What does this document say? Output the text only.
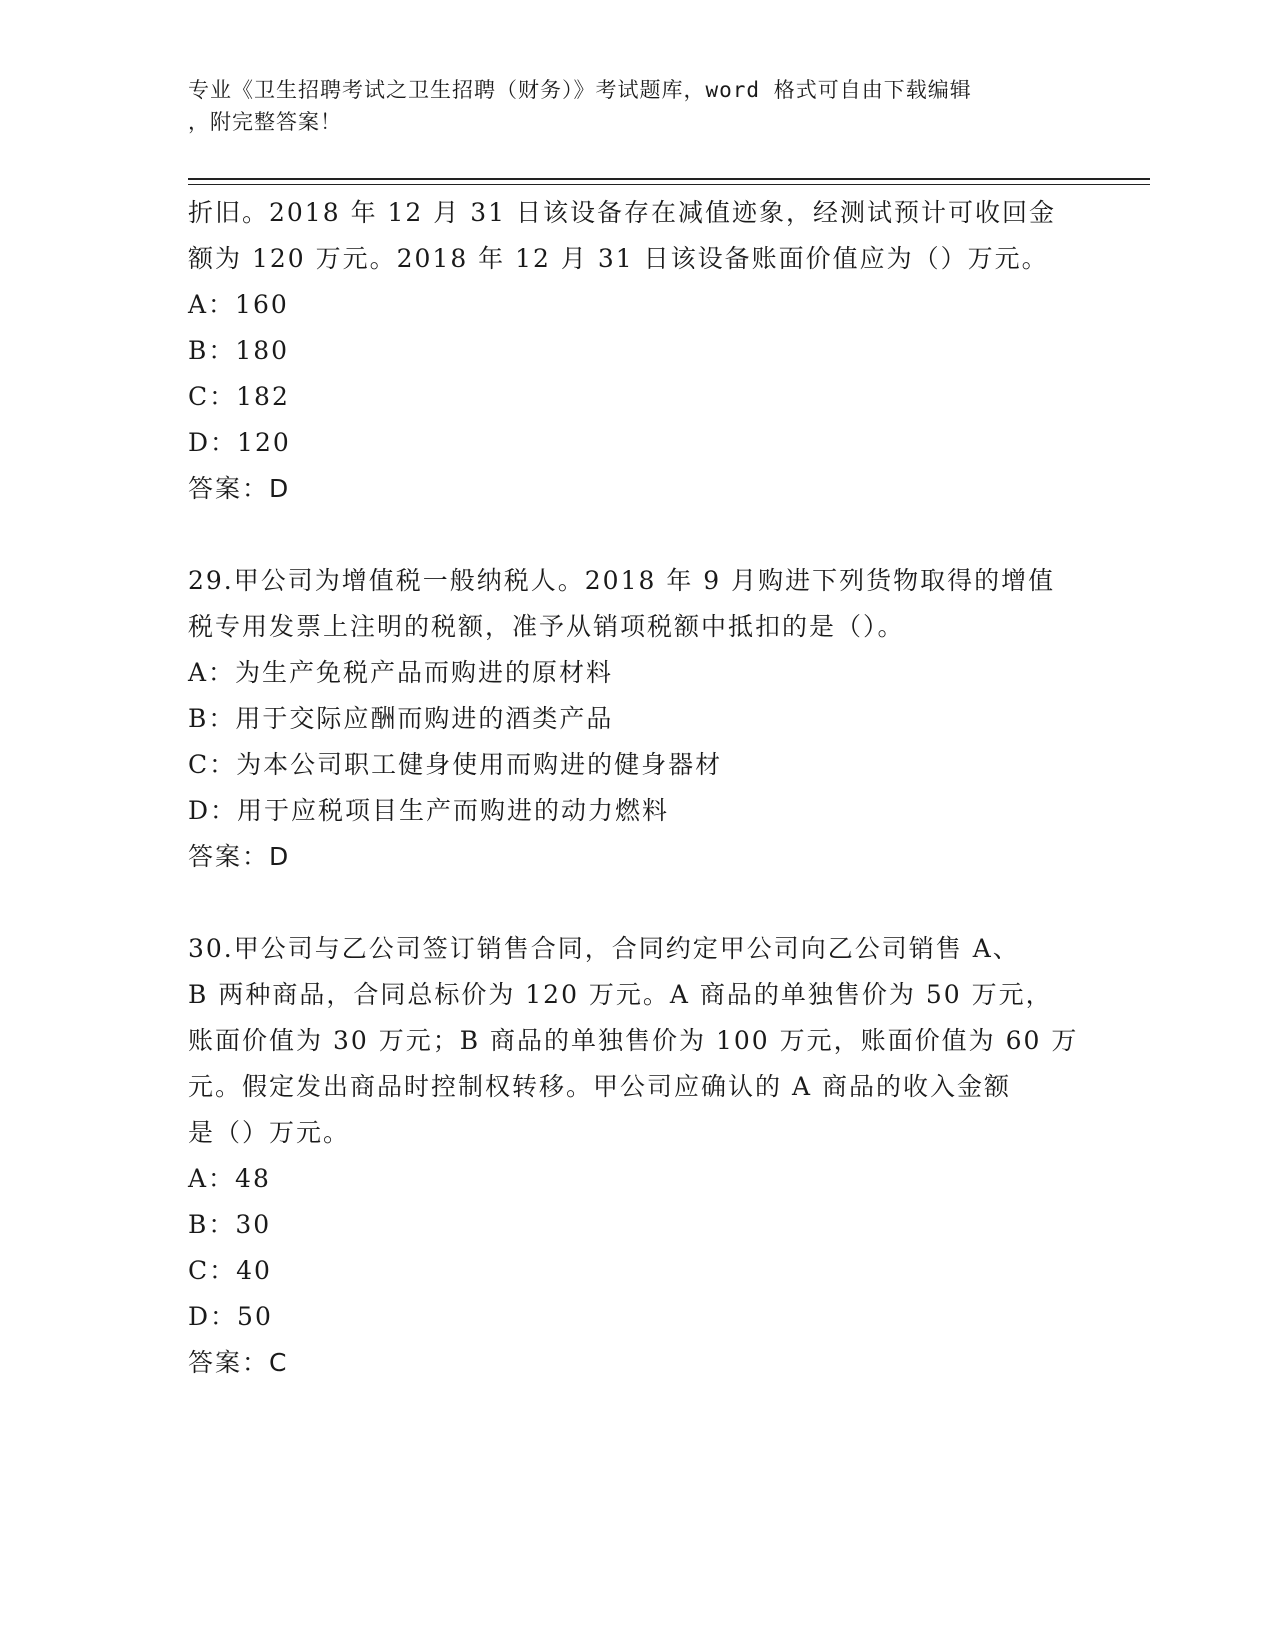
专业《卫生招聘考试之卫生招聘（财务）》考试题库，word 格式可自由下载编辑
，附完整答案！
折旧。2018 年 12 月 31 日该设备存在减值迹象，经测试预计可收回金
额为 120 万元。2018 年 12 月 31 日该设备账面价值应为（）万元。
A：160
B：180
C：182
D：120
答案：D
29.甲公司为增值税一般纳税人。2018 年 9 月购进下列货物取得的增值
税专用发票上注明的税额，准予从销项税额中抵扣的是（）。
A：为生产免税产品而购进的原材料
B：用于交际应酬而购进的酒类产品
C：为本公司职工健身使用而购进的健身器材
D：用于应税项目生产而购进的动力燃料
答案：D
30.甲公司与乙公司签订销售合同，合同约定甲公司向乙公司销售 A、
B 两种商品，合同总标价为 120 万元。A 商品的单独售价为 50 万元，
账面价值为 30 万元；B 商品的单独售价为 100 万元，账面价值为 60 万
元。假定发出商品时控制权转移。甲公司应确认的 A 商品的收入金额
是（）万元。
A：48
B：30
C：40
D：50
答案：C
